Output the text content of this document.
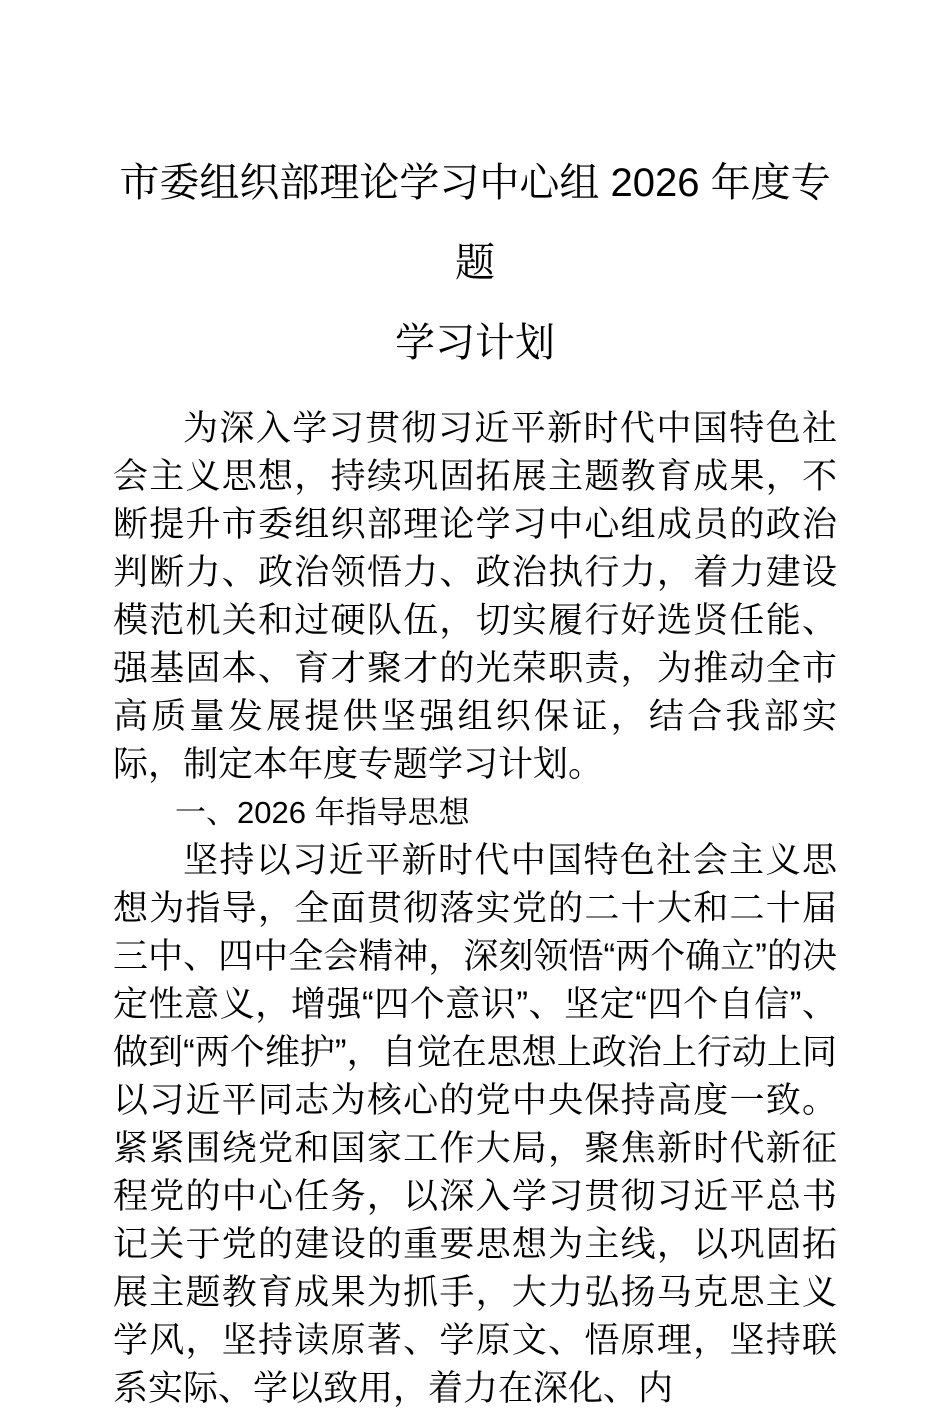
市委组织部理论学习中心组 2026 年度专题
学习计划

为深入学习贯彻习近平新时代中国特色社会主义思想，持续巩固拓展主题教育成果，不断提升市委组织部理论学习中心组成员的政治判断力、政治领悟力、政治执行力，着力建设模范机关和过硬队伍，切实履行好选贤任能、强基固本、育才聚才的光荣职责，为推动全市高质量发展提供坚强组织保证，结合我部实际，制定本年度专题学习计划。

一、2026 年指导思想

坚持以习近平新时代中国特色社会主义思想为指导，全面贯彻落实党的二十大和二十届三中、四中全会精神，深刻领悟“两个确立”的决定性意义，增强“四个意识”、坚定“四个自信”、做到“两个维护”，自觉在思想上政治上行动上同以习近平同志为核心的党中央保持高度一致。紧紧围绕党和国家工作大局，聚焦新时代新征程党的中心任务，以深入学习贯彻习近平总书记关于党的建设的重要思想为主线，以巩固拓展主题教育成果为抓手，大力弘扬马克思主义学风，坚持读原著、学原文、悟原理，坚持联系实际、学以致用，着力在深化、内
